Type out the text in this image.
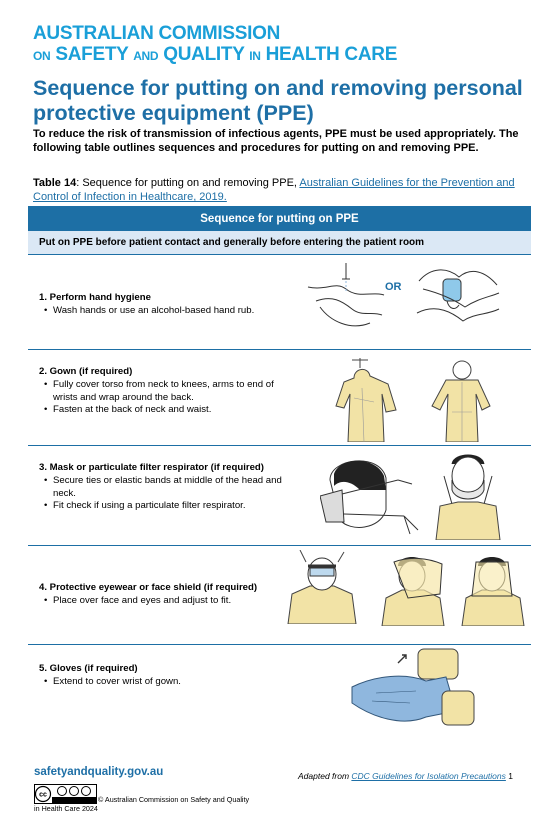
AUSTRALIAN COMMISSION
ON SAFETY AND QUALITY IN HEALTH CARE
Sequence for putting on and removing personal protective equipment (PPE)

To reduce the risk of transmission of infectious agents, PPE must be used appropriately. The following table outlines sequences and procedures for putting on and removing PPE.

Table 14: Sequence for putting on and removing PPE, Australian Guidelines for the Prevention and Control of Infection in Healthcare, 2019.

Sequence for putting on PPE
Put on PPE before patient contact and generally before entering the patient room
1. Perform hand hygiene
• Wash hands or use an alcohol-based hand rub.
OR
2. Gown (if required)
• Fully cover torso from neck to knees, arms to end of wrists and wrap around the back.
• Fasten at the back of neck and waist.
3. Mask or particulate filter respirator (if required)
• Secure ties or elastic bands at middle of the head and neck.
• Fit check if using a particulate filter respirator.
4. Protective eyewear or face shield (if required)
• Place over face and eyes and adjust to fit.
5. Gloves (if required)
• Extend to cover wrist of gown.
safetyandquality.gov.au
cc	© Australian Commission on Safety and Quality in Health Care 2024
Adapted from CDC Guidelines for Isolation Precautions 1
